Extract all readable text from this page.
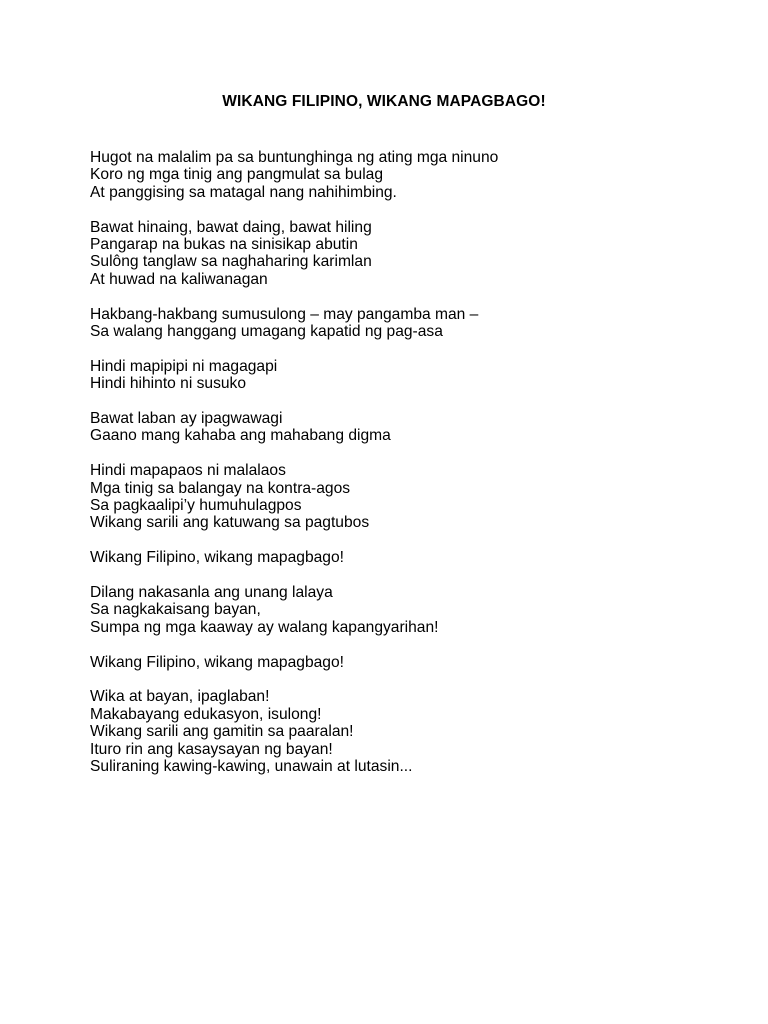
WIKANG FILIPINO, WIKANG MAPAGBAGO!

Hugot na malalim pa sa buntunghinga ng ating mga ninuno
Koro ng mga tinig ang pangmulat sa bulag
At panggising sa matagal nang nahihimbing.

Bawat hinaing, bawat daing, bawat hiling
Pangarap na bukas na sinisikap abutin
Sulông tanglaw sa naghaharing karimlan
At huwad na kaliwanagan

Hakbang-hakbang sumusulong – may pangamba man –
Sa walang hanggang umagang kapatid ng pag-asa

Hindi mapipipi ni magagapi
Hindi hihinto ni susuko

Bawat laban ay ipagwawagi
Gaano mang kahaba ang mahabang digma

Hindi mapapaos ni malalaos
Mga tinig sa balangay na kontra-agos
Sa pagkaalipi’y humuhulagpos
Wikang sarili ang katuwang sa pagtubos

Wikang Filipino, wikang mapagbago!

Dilang nakasanla ang unang lalaya
Sa nagkakaisang bayan,
Sumpa ng mga kaaway ay walang kapangyarihan!

Wikang Filipino, wikang mapagbago!

Wika at bayan, ipaglaban!
Makabayang edukasyon, isulong!
Wikang sarili ang gamitin sa paaralan!
Ituro rin ang kasaysayan ng bayan!
Suliraning kawing-kawing, unawain at lutasin...
